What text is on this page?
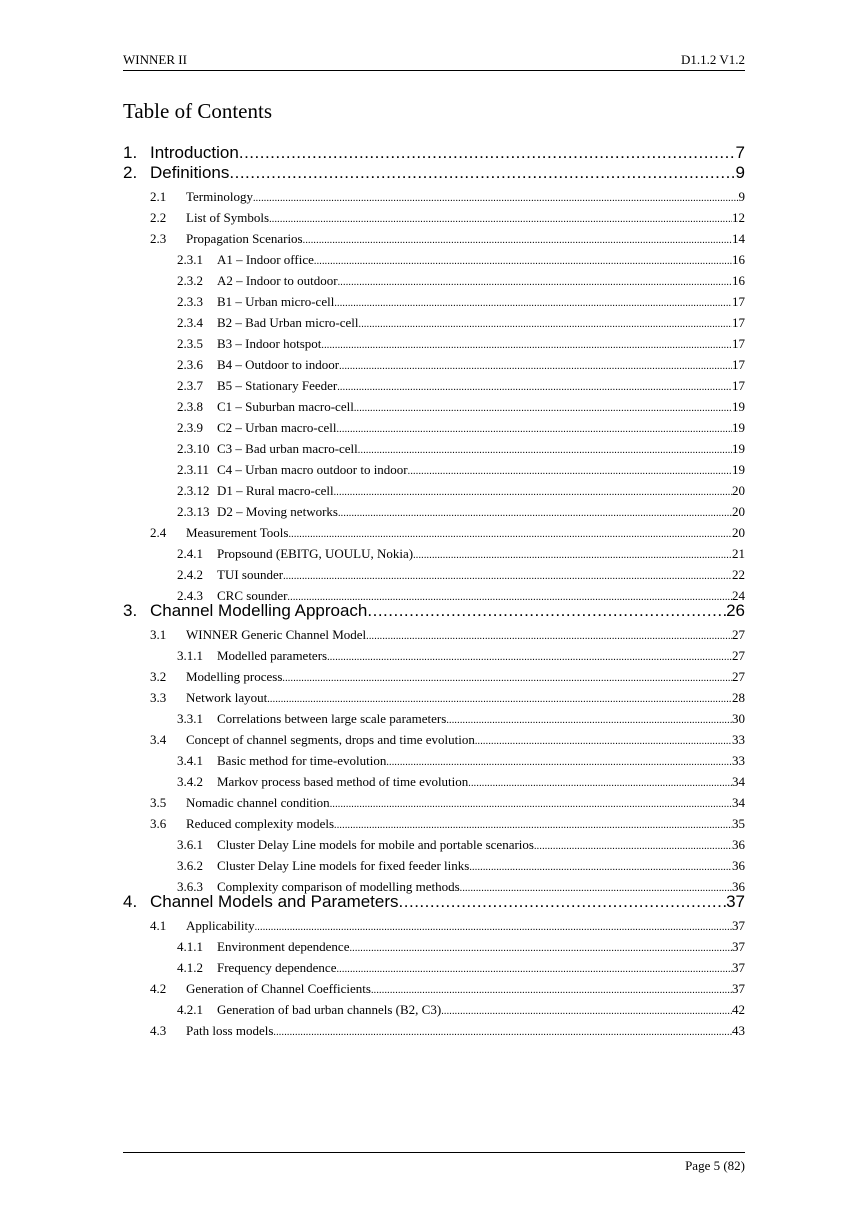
WINNER II	D1.1.2 V1.2
Table of Contents
1. Introduction .....	7
2. Definitions .....	9
2.1	Terminology .....	9
2.2	List of Symbols .....	12
2.3	Propagation Scenarios .....	14
2.3.1	A1 – Indoor office .....	16
2.3.2	A2 – Indoor to outdoor .....	16
2.3.3	B1 – Urban micro-cell .....	17
2.3.4	B2 – Bad Urban micro-cell .....	17
2.3.5	B3 – Indoor hotspot .....	17
2.3.6	B4 – Outdoor to indoor .....	17
2.3.7	B5 – Stationary Feeder .....	17
2.3.8	C1 – Suburban macro-cell .....	19
2.3.9	C2 – Urban macro-cell .....	19
2.3.10 C3 – Bad urban macro-cell .....	19
2.3.11 C4 – Urban macro outdoor to indoor .....	19
2.3.12 D1 – Rural macro-cell .....	20
2.3.13 D2 – Moving networks .....	20
2.4	Measurement Tools .....	20
2.4.1	Propsound (EBITG, UOULU, Nokia) .....	21
2.4.2	TUI sounder .....	22
2.4.3	CRC sounder .....	24
3. Channel Modelling Approach .....	26
3.1	WINNER Generic Channel Model .....	27
3.1.1	Modelled parameters .....	27
3.2	Modelling process .....	27
3.3	Network layout .....	28
3.3.1	Correlations between large scale parameters .....	30
3.4	Concept of channel segments, drops and time evolution .....	33
3.4.1	Basic method for time-evolution .....	33
3.4.2	Markov process based method of time evolution .....	34
3.5	Nomadic channel condition .....	34
3.6	Reduced complexity models .....	35
3.6.1	Cluster Delay Line models for mobile and portable scenarios .....	36
3.6.2	Cluster Delay Line models for fixed feeder links .....	36
3.6.3	Complexity comparison of modelling methods .....	36
4. Channel Models and Parameters .....	37
4.1	Applicability .....	37
4.1.1	Environment dependence .....	37
4.1.2	Frequency dependence .....	37
4.2	Generation of Channel Coefficients .....	37
4.2.1	Generation of bad urban channels (B2, C3) .....	42
4.3	Path loss models .....	43
Page 5 (82)
